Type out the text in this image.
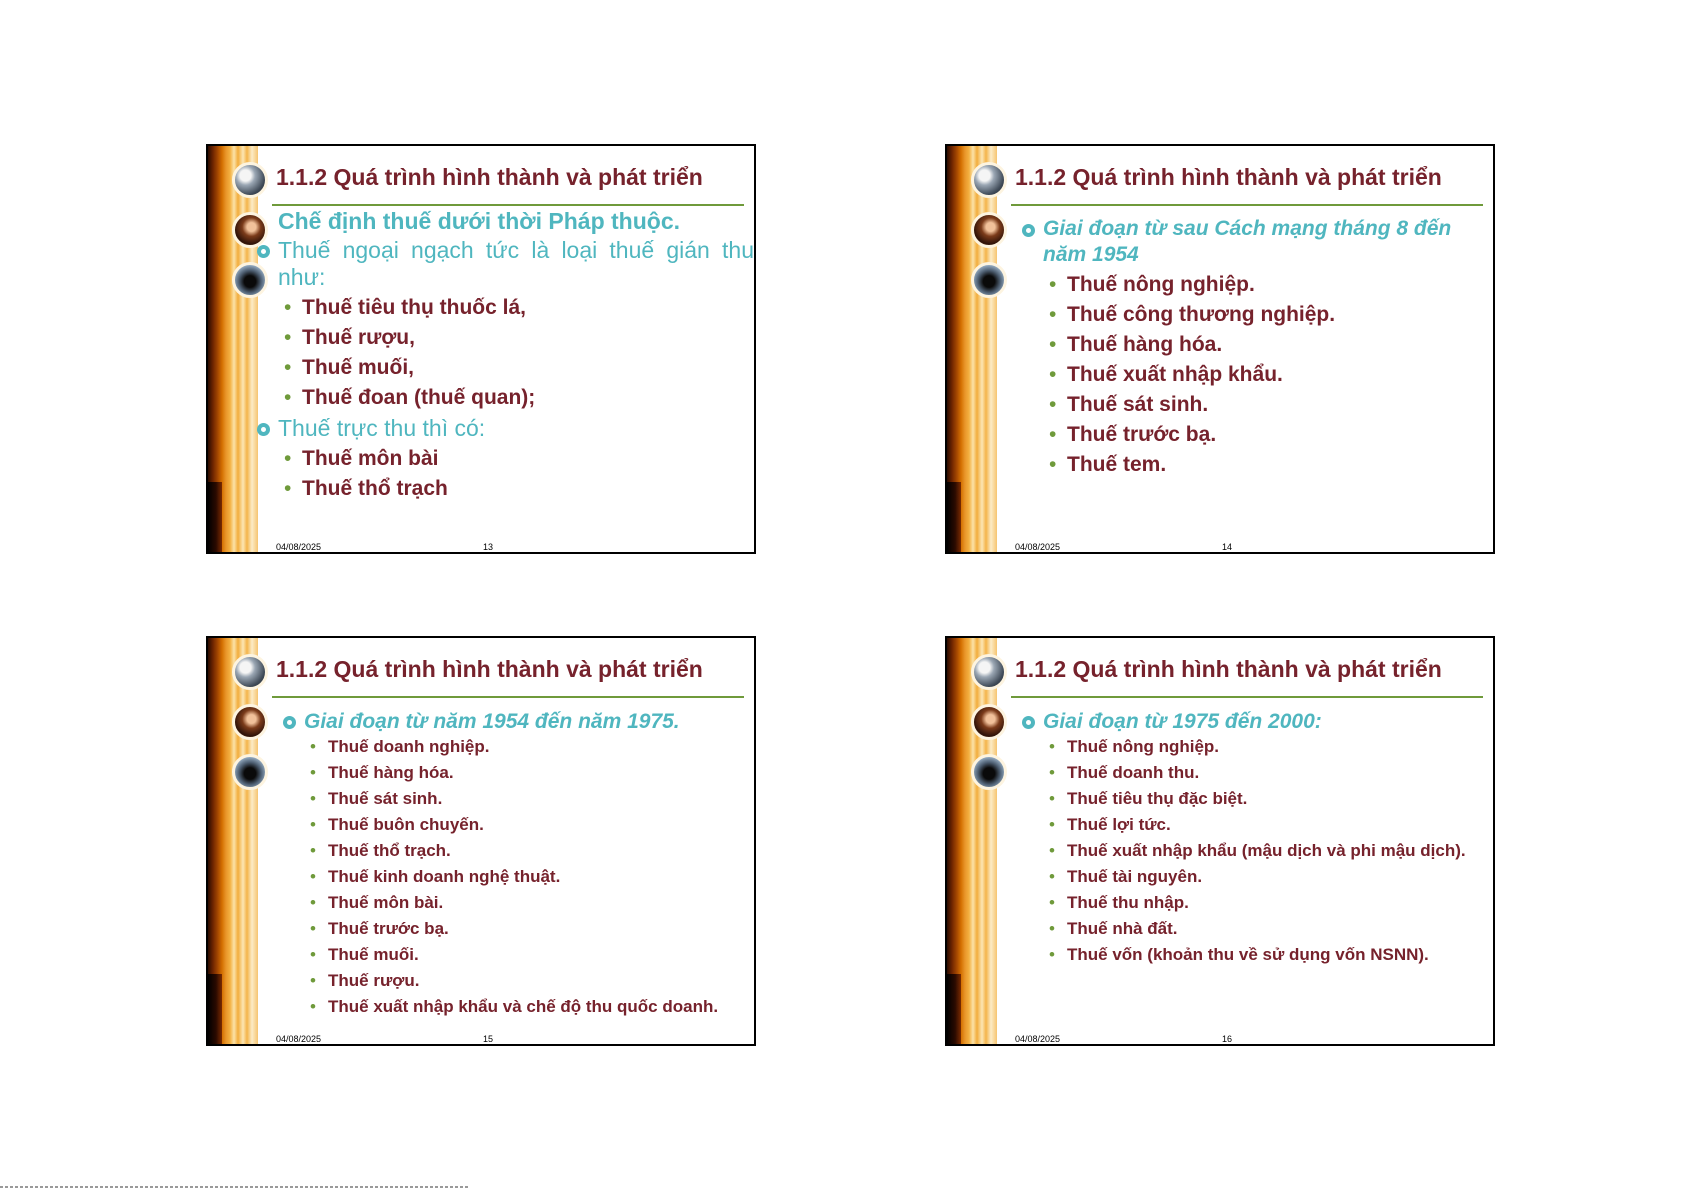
1.1.2 Quá trình hình thành và phát triển
Chế định thuế dưới thời Pháp thuộc.
Thuế ngoại ngạch tức là loại thuế gián thu như:
• Thuế tiêu thụ thuốc lá,
• Thuế rượu,
• Thuế muối,
• Thuế đoan (thuế quan);
Thuế trực thu thì có:
• Thuế môn bài
• Thuế thổ trạch
04/08/2025	13
1.1.2 Quá trình hình thành và phát triển
Giai đoạn từ sau Cách mạng tháng 8 đến năm 1954
• Thuế nông nghiệp.
• Thuế công thương nghiệp.
• Thuế hàng hóa.
• Thuế xuất nhập khẩu.
• Thuế sát sinh.
• Thuế trước bạ.
• Thuế tem.
04/08/2025	14
1.1.2 Quá trình hình thành và phát triển
Giai đoạn từ năm 1954 đến năm 1975.
• Thuế doanh nghiệp.
• Thuế hàng hóa.
• Thuế sát sinh.
• Thuế buôn chuyến.
• Thuế thổ trạch.
• Thuế kinh doanh nghệ thuật.
• Thuế môn bài.
• Thuế trước bạ.
• Thuế muối.
• Thuế rượu.
• Thuế xuất nhập khẩu và chế độ thu quốc doanh.
04/08/2025	15
1.1.2 Quá trình hình thành và phát triển
Giai đoạn từ 1975 đến 2000:
• Thuế nông nghiệp.
• Thuế doanh thu.
• Thuế tiêu thụ đặc biệt.
• Thuế lợi tức.
• Thuế xuất nhập khẩu (mậu dịch và phi mậu dịch).
• Thuế tài nguyên.
• Thuế thu nhập.
• Thuế nhà đất.
• Thuế vốn (khoản thu về sử dụng vốn NSNN).
04/08/2025	16
